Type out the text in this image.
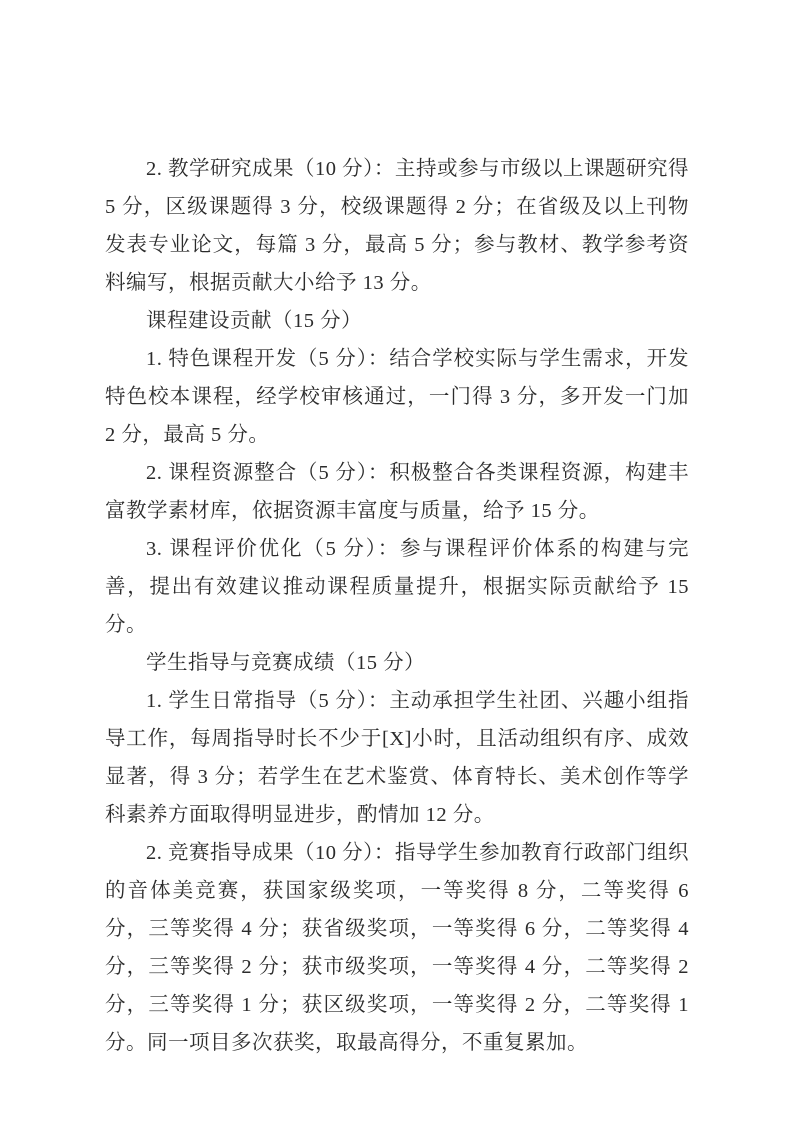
2. 教学研究成果（10 分）：主持或参与市级以上课题研究得 5 分，区级课题得 3 分，校级课题得 2 分；在省级及以上刊物发表专业论文，每篇 3 分，最高 5 分；参与教材、教学参考资料编写，根据贡献大小给予 13 分。

课程建设贡献（15 分）

1. 特色课程开发（5 分）：结合学校实际与学生需求，开发特色校本课程，经学校审核通过，一门得 3 分，多开发一门加 2 分，最高 5 分。

2. 课程资源整合（5 分）：积极整合各类课程资源，构建丰富教学素材库，依据资源丰富度与质量，给予 15 分。

3. 课程评价优化（5 分）：参与课程评价体系的构建与完善，提出有效建议推动课程质量提升，根据实际贡献给予 15 分。

学生指导与竞赛成绩（15 分）

1. 学生日常指导（5 分）：主动承担学生社团、兴趣小组指导工作，每周指导时长不少于[X]小时，且活动组织有序、成效显著，得 3 分；若学生在艺术鉴赏、体育特长、美术创作等学科素养方面取得明显进步，酌情加 12 分。

2. 竞赛指导成果（10 分）：指导学生参加教育行政部门组织的音体美竞赛，获国家级奖项，一等奖得 8 分，二等奖得 6 分，三等奖得 4 分；获省级奖项，一等奖得 6 分，二等奖得 4 分，三等奖得 2 分；获市级奖项，一等奖得 4 分，二等奖得 2 分，三等奖得 1 分；获区级奖项，一等奖得 2 分，二等奖得 1 分。同一项目多次获奖，取最高得分，不重复累加。
